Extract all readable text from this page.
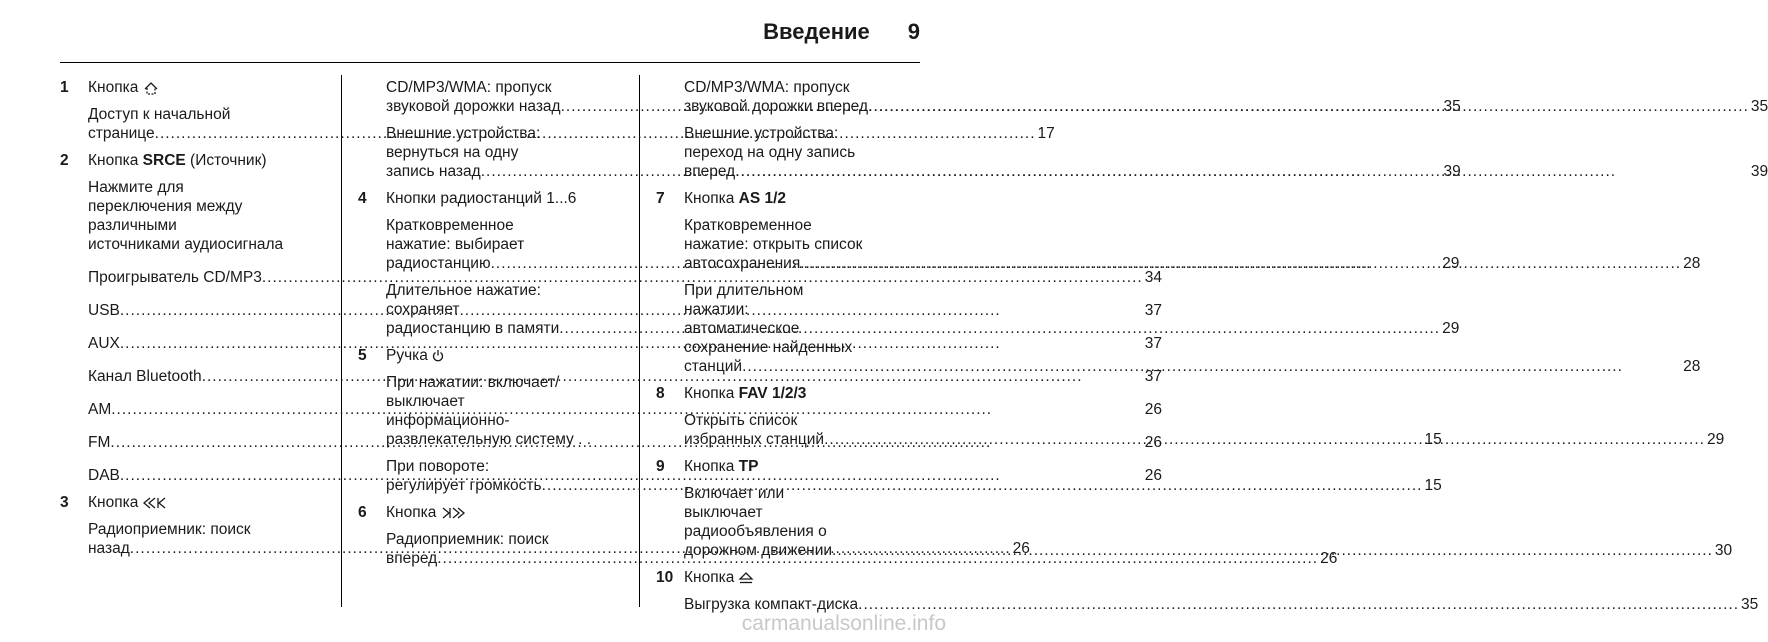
Введение 9
1	Кнопка
Доступ к начальной
странице .....	17
2	Кнопка SRCE (Источник)
Нажмите для
переключения между
различными
источниками аудиосигнала
Проигрыватель CD/MP3 .....	34
USB .....	37
AUX .....	37
Канал Bluetooth .....	37
AM .....	26
FM .....	26
DAB .....	26
3	Кнопка
Радиоприемник: поиск
назад .....	26
CD/MP3/WMA: пропуск
звуковой дорожки назад .....	35
Внешние устройства:
вернуться на одну
запись назад .....	39
4	Кнопки радиостанций 1...6
Кратковременное
нажатие: выбирает
радиостанцию .....	29
Длительное нажатие:
сохраняет
радиостанцию в памяти .....	29
5	Ручка
При нажатии: включает/
выключает
информационно-
развлекательную систему . .	15
При повороте:
регулирует громкость .....	15
6	Кнопка
Радиоприемник: поиск
вперед .....	26
CD/MP3/WMA: пропуск
звуковой дорожки вперед .....	35
Внешние устройства:
переход на одну запись
вперед .....	39
7	Кнопка AS 1/2
Кратковременное
нажатие: открыть список
автосохранения .....	28
При длительном
нажатии:
автоматическое
сохранение найденных
станций .....	28
8	Кнопка FAV 1/2/3
Открыть список
избранных станций .....	29
9	Кнопка TP
Включает или
выключает
радиообъявления о
дорожном движении .....	30
10 Кнопка
Выгрузка компакт-диска .....	35
carmanualsonline.info
